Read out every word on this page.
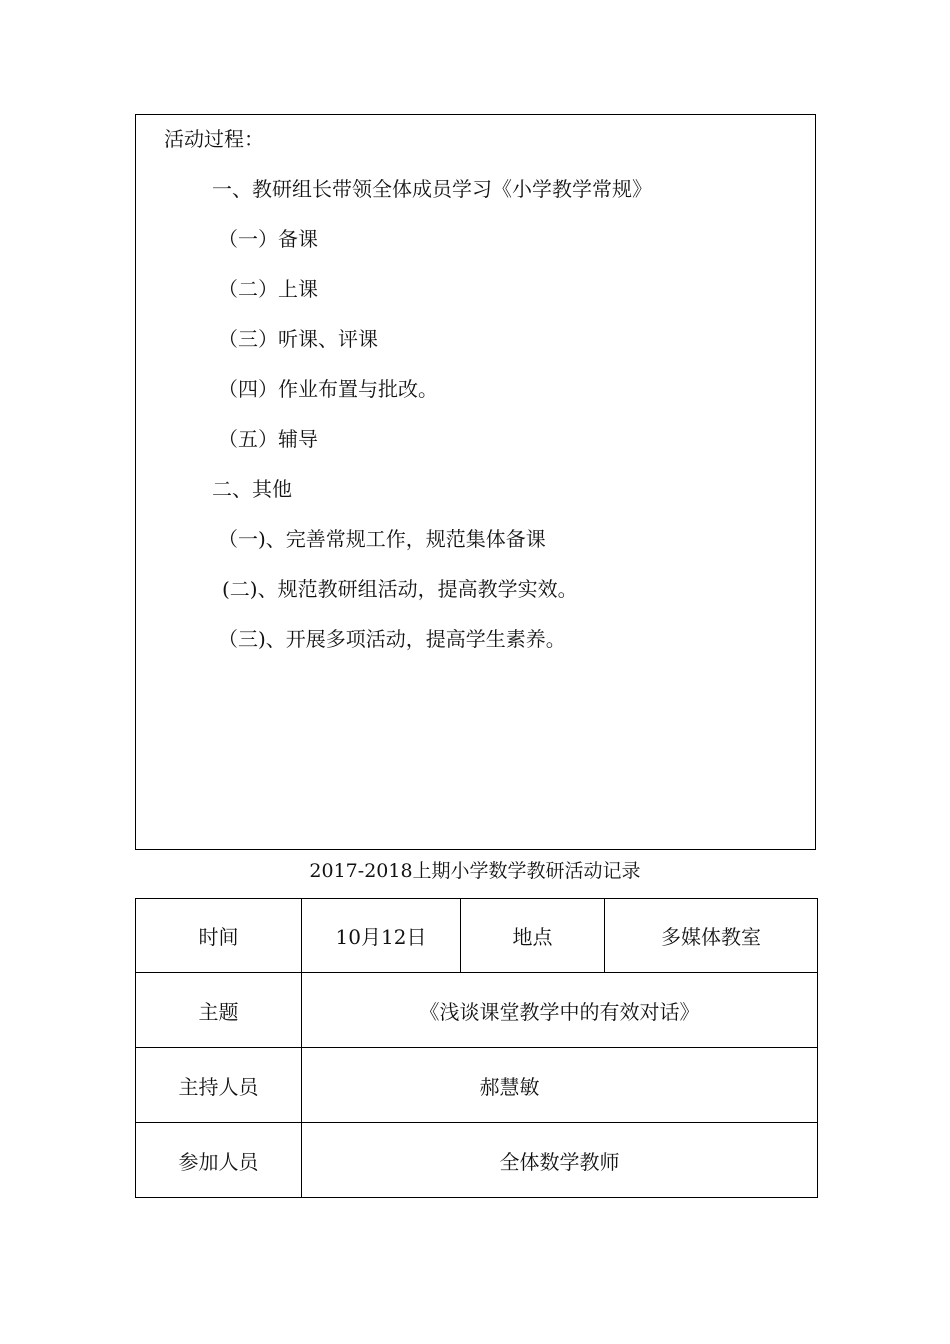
活动过程：
一、教研组长带领全体成员学习《小学教学常规》
（一）备课
（二）上课
（三）听课、评课
（四）作业布置与批改。
（五）辅导
二、其他
（一)、完善常规工作，规范集体备课
(二)、规范教研组活动，提高教学实效。
（三)、开展多项活动，提高学生素养。
2017-2018上期小学数学教研活动记录
时间	10月12日	地点	多媒体教室
主题	《浅谈课堂教学中的有效对话》		
主持人员	郝慧敏		
参加人员	全体数学教师		
